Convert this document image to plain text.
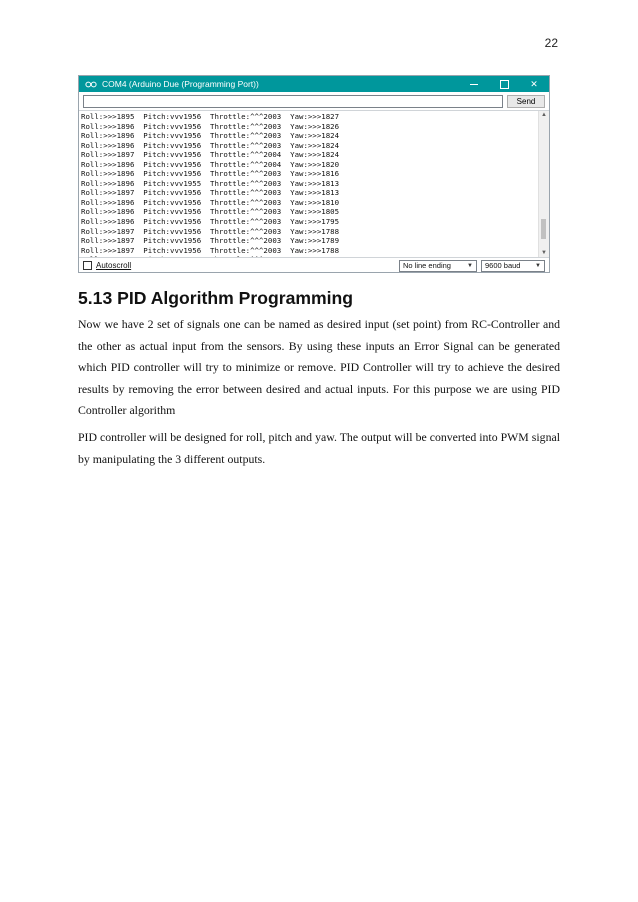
22
COM4 (Arduino Due (Programming Port))	✕
Send
Roll:>>>1895  Pitch:vvv1956  Throttle:^^^2003  Yaw:>>>1827
Roll:>>>1896  Pitch:vvv1956  Throttle:^^^2003  Yaw:>>>1826
Roll:>>>1896  Pitch:vvv1956  Throttle:^^^2003  Yaw:>>>1824
Roll:>>>1896  Pitch:vvv1956  Throttle:^^^2003  Yaw:>>>1824
Roll:>>>1897  Pitch:vvv1956  Throttle:^^^2004  Yaw:>>>1824
Roll:>>>1896  Pitch:vvv1956  Throttle:^^^2004  Yaw:>>>1820
Roll:>>>1896  Pitch:vvv1956  Throttle:^^^2003  Yaw:>>>1816
Roll:>>>1896  Pitch:vvv1955  Throttle:^^^2003  Yaw:>>>1813
Roll:>>>1897  Pitch:vvv1956  Throttle:^^^2003  Yaw:>>>1813
Roll:>>>1896  Pitch:vvv1956  Throttle:^^^2003  Yaw:>>>1810
Roll:>>>1896  Pitch:vvv1956  Throttle:^^^2003  Yaw:>>>1805
Roll:>>>1896  Pitch:vvv1956  Throttle:^^^2003  Yaw:>>>1795
Roll:>>>1897  Pitch:vvv1956  Throttle:^^^2003  Yaw:>>>1788
Roll:>>>1897  Pitch:vvv1956  Throttle:^^^2003  Yaw:>>>1789
Roll:>>>1897  Pitch:vvv1956  Throttle:^^^2003  Yaw:>>>1788
▲
▼
Autoscroll	No line ending	▼ 9600 baud ▼
5.13 PID Algorithm Programming

Now we have 2 set of signals one can be named as desired input (set point) from RC-Controller and the other as actual input from the sensors. By using these inputs an Error Signal can be generated which PID controller will try to minimize or remove. PID Controller will try to achieve the desired results by removing the error between desired and actual inputs. For this purpose we are using PID Controller algorithm

PID controller will be designed for roll, pitch and yaw. The output will be converted into PWM signal by manipulating the 3 different outputs.
